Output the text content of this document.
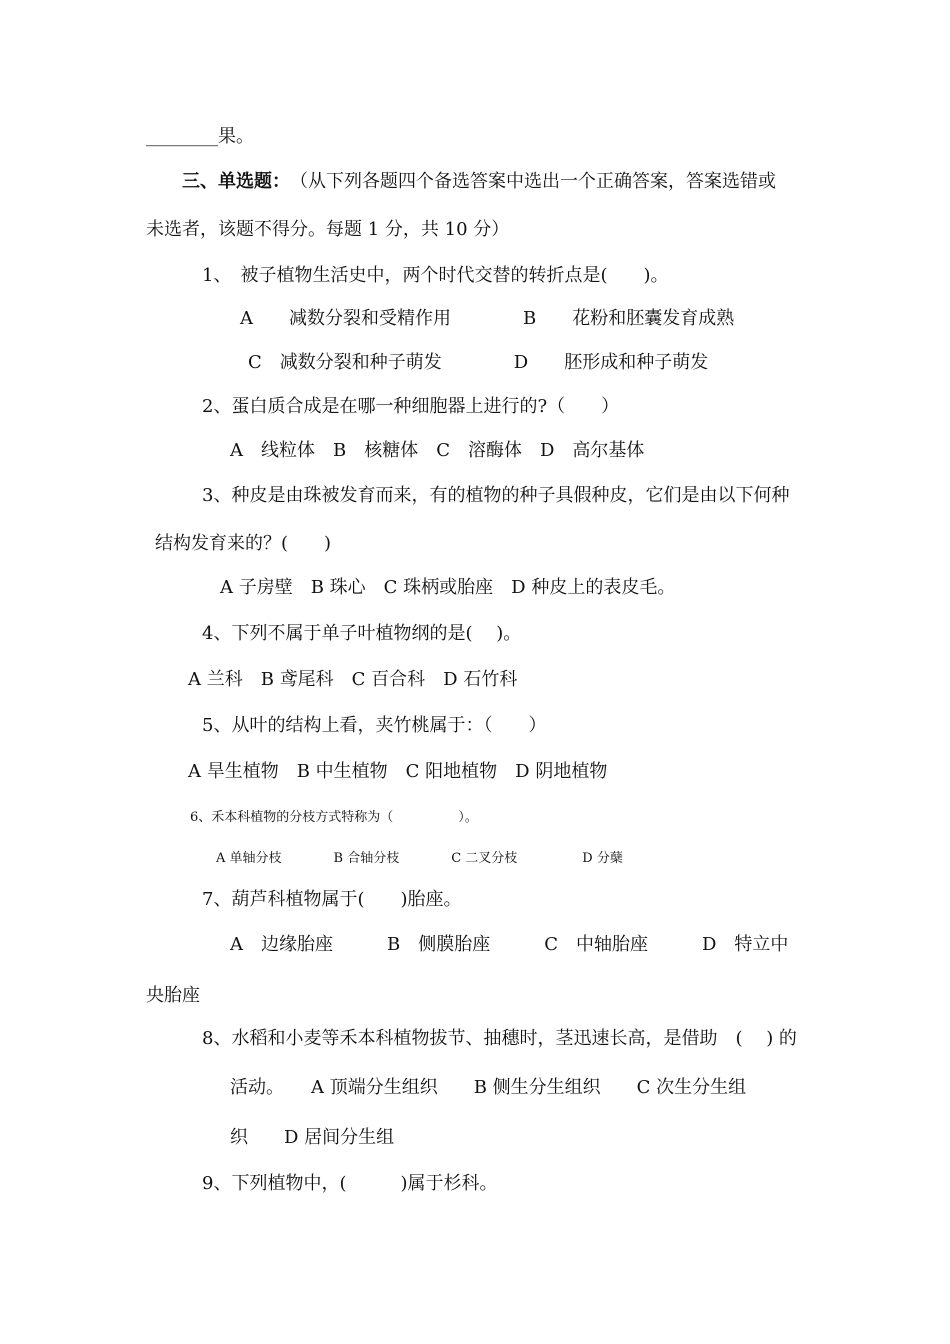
________果。
三、单选题： （从下列各题四个备选答案中选出一个正确答案，答案选错或
未选者，该题不得分。每题 1 分，共 10 分）
1、　被子植物生活史中，两个时代交替的转折点是(　　)。
A　　减数分裂和受精作用　　　　B　　花粉和胚囊发育成熟
C　减数分裂和种子萌发　　　　D　　胚形成和种子萌发
2、蛋白质合成是在哪一种细胞器上进行的?（　　）
A　线粒体　B　核糖体　C　溶酶体　D　高尔基体
3、种皮是由珠被发育而来，有的植物的种子具假种皮，它们是由以下何种
结构发育来的？(　　)
A 子房壁　B 珠心　C 珠柄或胎座　D 种皮上的表皮毛。
4、下列不属于单子叶植物纲的是(　 )。
A 兰科　B 鸢尾科　C 百合科　D 石竹科
5、从叶的结构上看，夹竹桃属于：（　　）
A 旱生植物　B 中生植物　C 阳地植物　D 阴地植物
6、禾本科植物的分枝方式特称为（　　　　　）。
A 单轴分枝　　　　B 合轴分枝　　　　C 二叉分枝　　　　　D 分蘖
7、葫芦科植物属于(　　)胎座。
A　边缘胎座　　　B　侧膜胎座　　　C　中轴胎座　　　D　特立中
央胎座
8、水稻和小麦等禾本科植物拔节、抽穗时，茎迅速长高，是借助　(　 ) 的
活动。　　A 顶端分生组织　　B 侧生分生组织　　C 次生分生组
织　　D 居间分生组
9、下列植物中，(　　　)属于杉科。
